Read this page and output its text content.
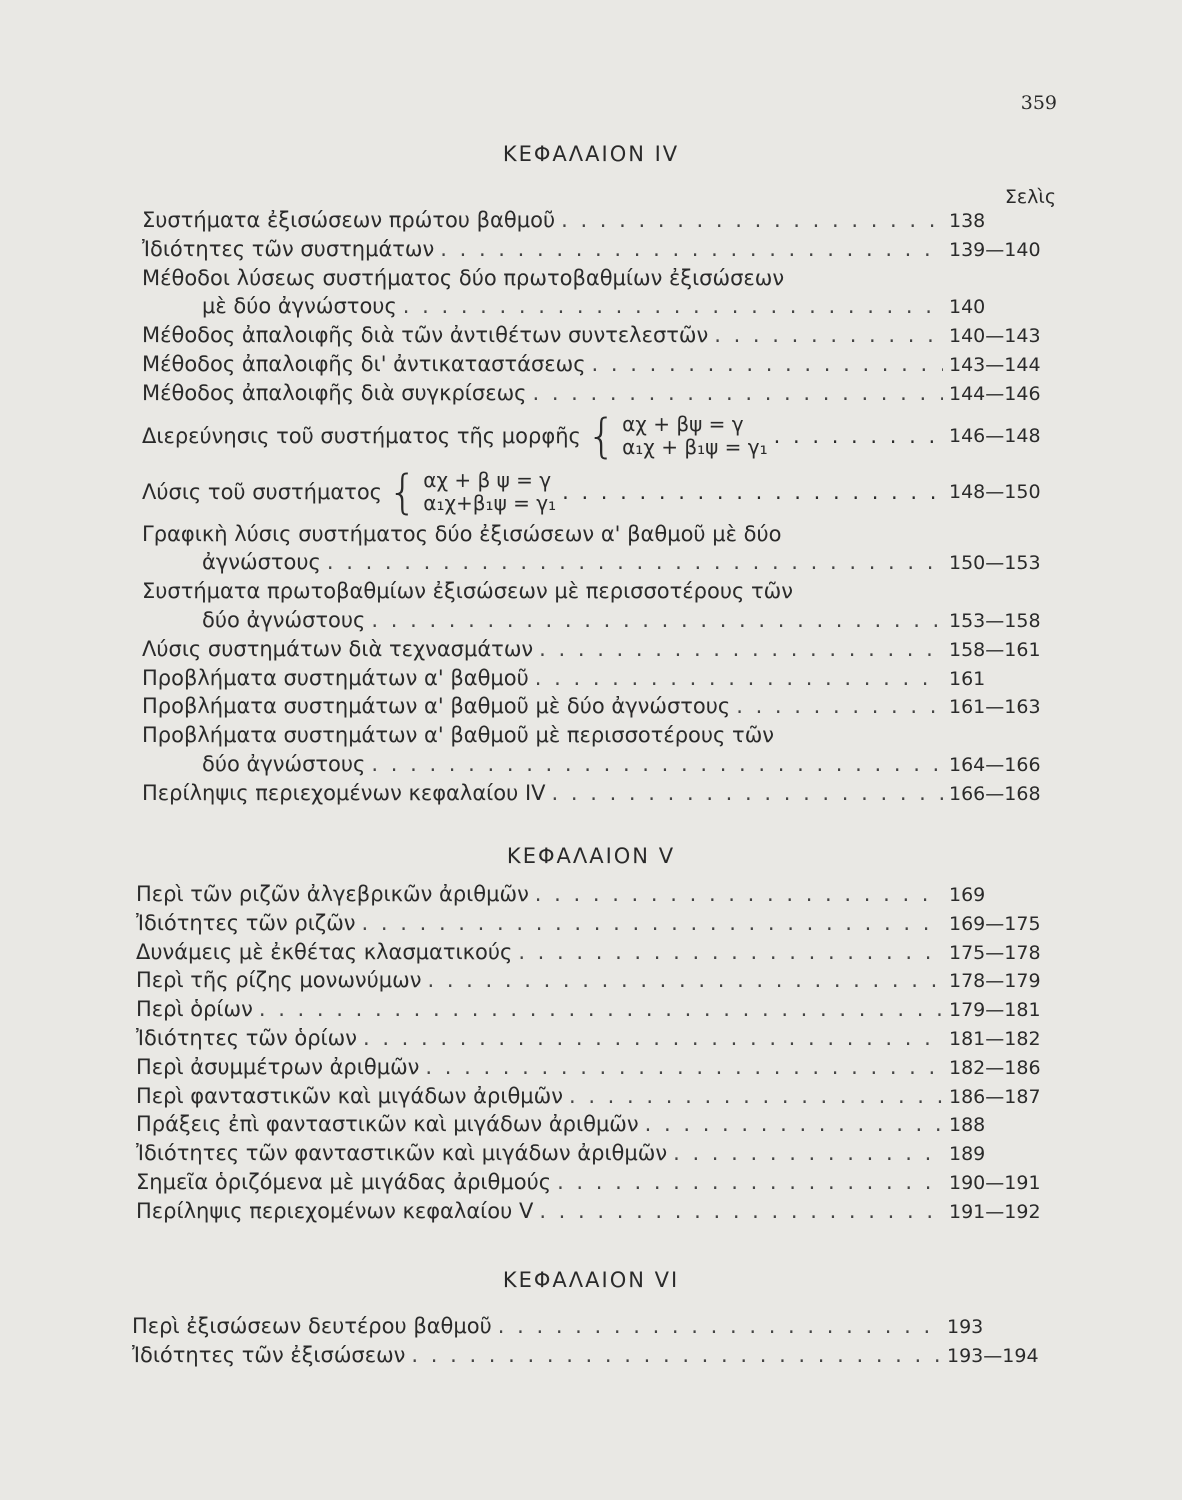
359
ΚΕΦΑΛΑΙΟΝ IV
Σελὶς
Συστήματα ἐξισώσεων πρώτου βαθμοῦ . . .	138
Ἰδιότητες τῶν συστημάτων . . .	139—140
Μέθοδοι λύσεως συστήματος δύο πρωτοβαθμίων ἐξισώσεων
μὲ δύο ἀγνώστους . . .	140
Μέθοδος ἀπαλοιφῆς διὰ τῶν ἀντιθέτων συντελεστῶν . . .	140—143
Μέθοδος ἀπαλοιφῆς δι' ἀντικαταστάσεως . . .	143—144
Μέθοδος ἀπαλοιφῆς διὰ συγκρίσεως . . .	144—146
Διερεύνησις τοῦ συστήματος τῆς μορφῆς { αχ + βψ = γ
α₁χ + β₁ψ = γ₁ . . .	146—148
Λύσις τοῦ συστήματος { αχ + β ψ = γ
α₁χ+β₁ψ = γ₁ . . .	148—150
Γραφικὴ λύσις συστήματος δύο ἐξισώσεων α' βαθμοῦ μὲ δύο
ἀγνώστους . . .	150—153
Συστήματα πρωτοβαθμίων ἐξισώσεων μὲ περισσοτέρους τῶν
δύο ἀγνώστους . . .	153—158
Λύσις συστημάτων διὰ τεχνασμάτων . . .	158—161
Προβλήματα συστημάτων α' βαθμοῦ . . .	161
Προβλήματα συστημάτων α' βαθμοῦ μὲ δύο ἀγνώστους . . .	161—163
Προβλήματα συστημάτων α' βαθμοῦ μὲ περισσοτέρους τῶν
δύο ἀγνώστους . . .	164—166
Περίληψις περιεχομένων κεφαλαίου IV . . .	166—168
ΚΕΦΑΛΑΙΟΝ V
Περὶ τῶν ριζῶν ἀλγεβρικῶν ἀριθμῶν . . .	169
Ἰδιότητες τῶν ριζῶν . . .	169—175
Δυνάμεις μὲ ἐκθέτας κλασματικούς . . .	175—178
Περὶ τῆς ρίζης μονωνύμων . . .	178—179
Περὶ ὁρίων . . .	179—181
Ἰδιότητες τῶν ὁρίων . . .	181—182
Περὶ ἀσυμμέτρων ἀριθμῶν . . .	182—186
Περὶ φανταστικῶν καὶ μιγάδων ἀριθμῶν . . .	186—187
Πράξεις ἐπὶ φανταστικῶν καὶ μιγάδων ἀριθμῶν . . .	188
Ἰδιότητες τῶν φανταστικῶν καὶ μιγάδων ἀριθμῶν . . .	189
Σημεῖα ὁριζόμενα μὲ μιγάδας ἀριθμούς . . .	190—191
Περίληψις περιεχομένων κεφαλαίου V . . .	191—192
ΚΕΦΑΛΑΙΟΝ VI
Περὶ ἐξισώσεων δευτέρου βαθμοῦ . . .	193
Ἰδιότητες τῶν ἐξισώσεων . . .	193—194
